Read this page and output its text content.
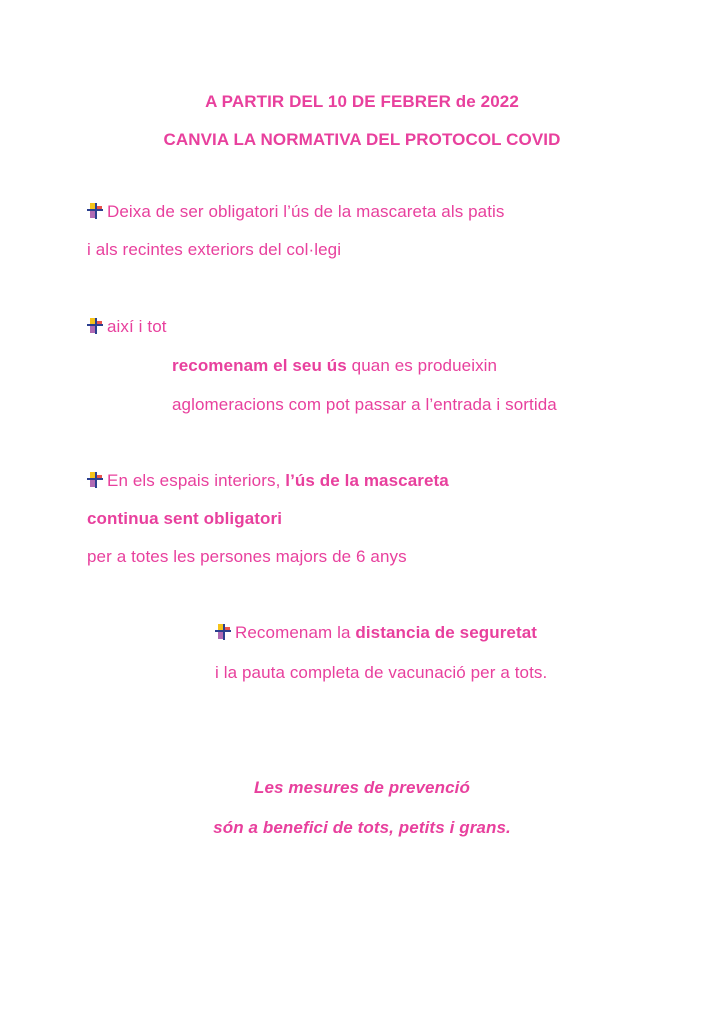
A PARTIR DEL 10 DE FEBRER de 2022
CANVIA LA NORMATIVA DEL PROTOCOL COVID
Deixa de ser obligatori l’ús de la mascareta als patis
i als recintes exteriors del col·legi
així i tot
recomenam el seu ús quan es produeixin
aglomeracions com pot passar a l’entrada i sortida
En els espais interiors, l’ús de la mascareta
continua sent obligatori
per a totes les persones majors de 6 anys
Recomenam la distancia de seguretat
i la pauta completa de vacunació per a tots.
Les mesures de prevenció
són a benefici de tots, petits i grans.
